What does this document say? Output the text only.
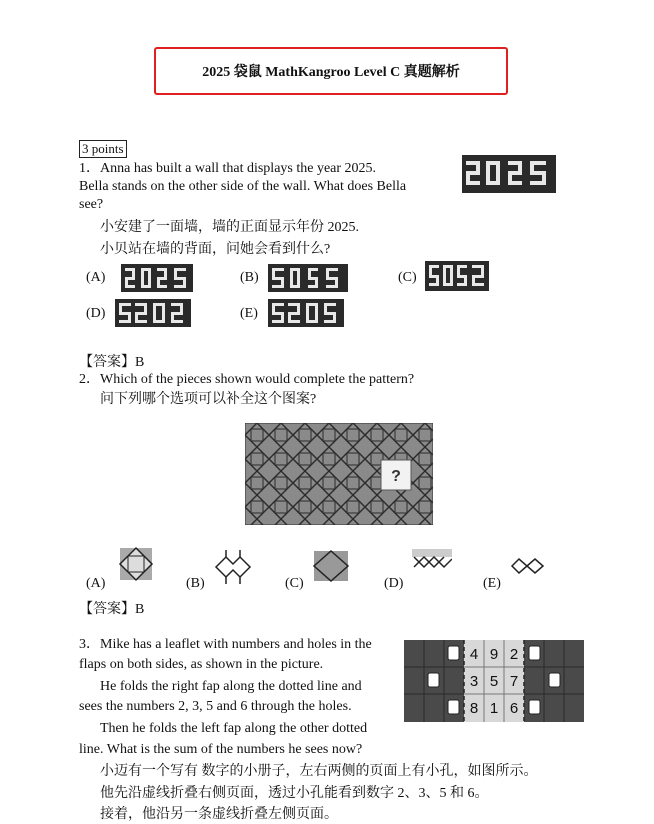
2025 袋鼠 MathKangroo Level C 真题解析
3 points
1．Anna has built a wall that displays the year 2025.
Bella stands on the other side of the wall. What does Bella
see?
小安建了一面墙，墙的正面显示年份 2025.
小贝站在墙的背面，问她会看到什么?
(A)	(B)	(C)
(D)	(E)
【答案】B
2．Which of the pieces shown would complete the pattern?
问下列哪个选项可以补全这个图案?
?
(A)	(B)	(C)	(D)	(E)
【答案】B
3．Mike has a leaflet with numbers and holes in the
flaps on both sides, as shown in the picture.
He folds the right fap along the dotted line and
sees the numbers 2, 3, 5 and 6 through the holes.
Then he folds the left fap along the other dotted
line. What is the sum of the numbers he sees now?
小迈有一个写有 数字的小册子，左右两侧的页面上有小孔，如图所示。
他先沿虚线折叠右侧页面，透过小孔能看到数字 2、3、5 和 6。
接着，他沿另一条虚线折叠左侧页面。
4 9 2
3 5 7
8 1 6
